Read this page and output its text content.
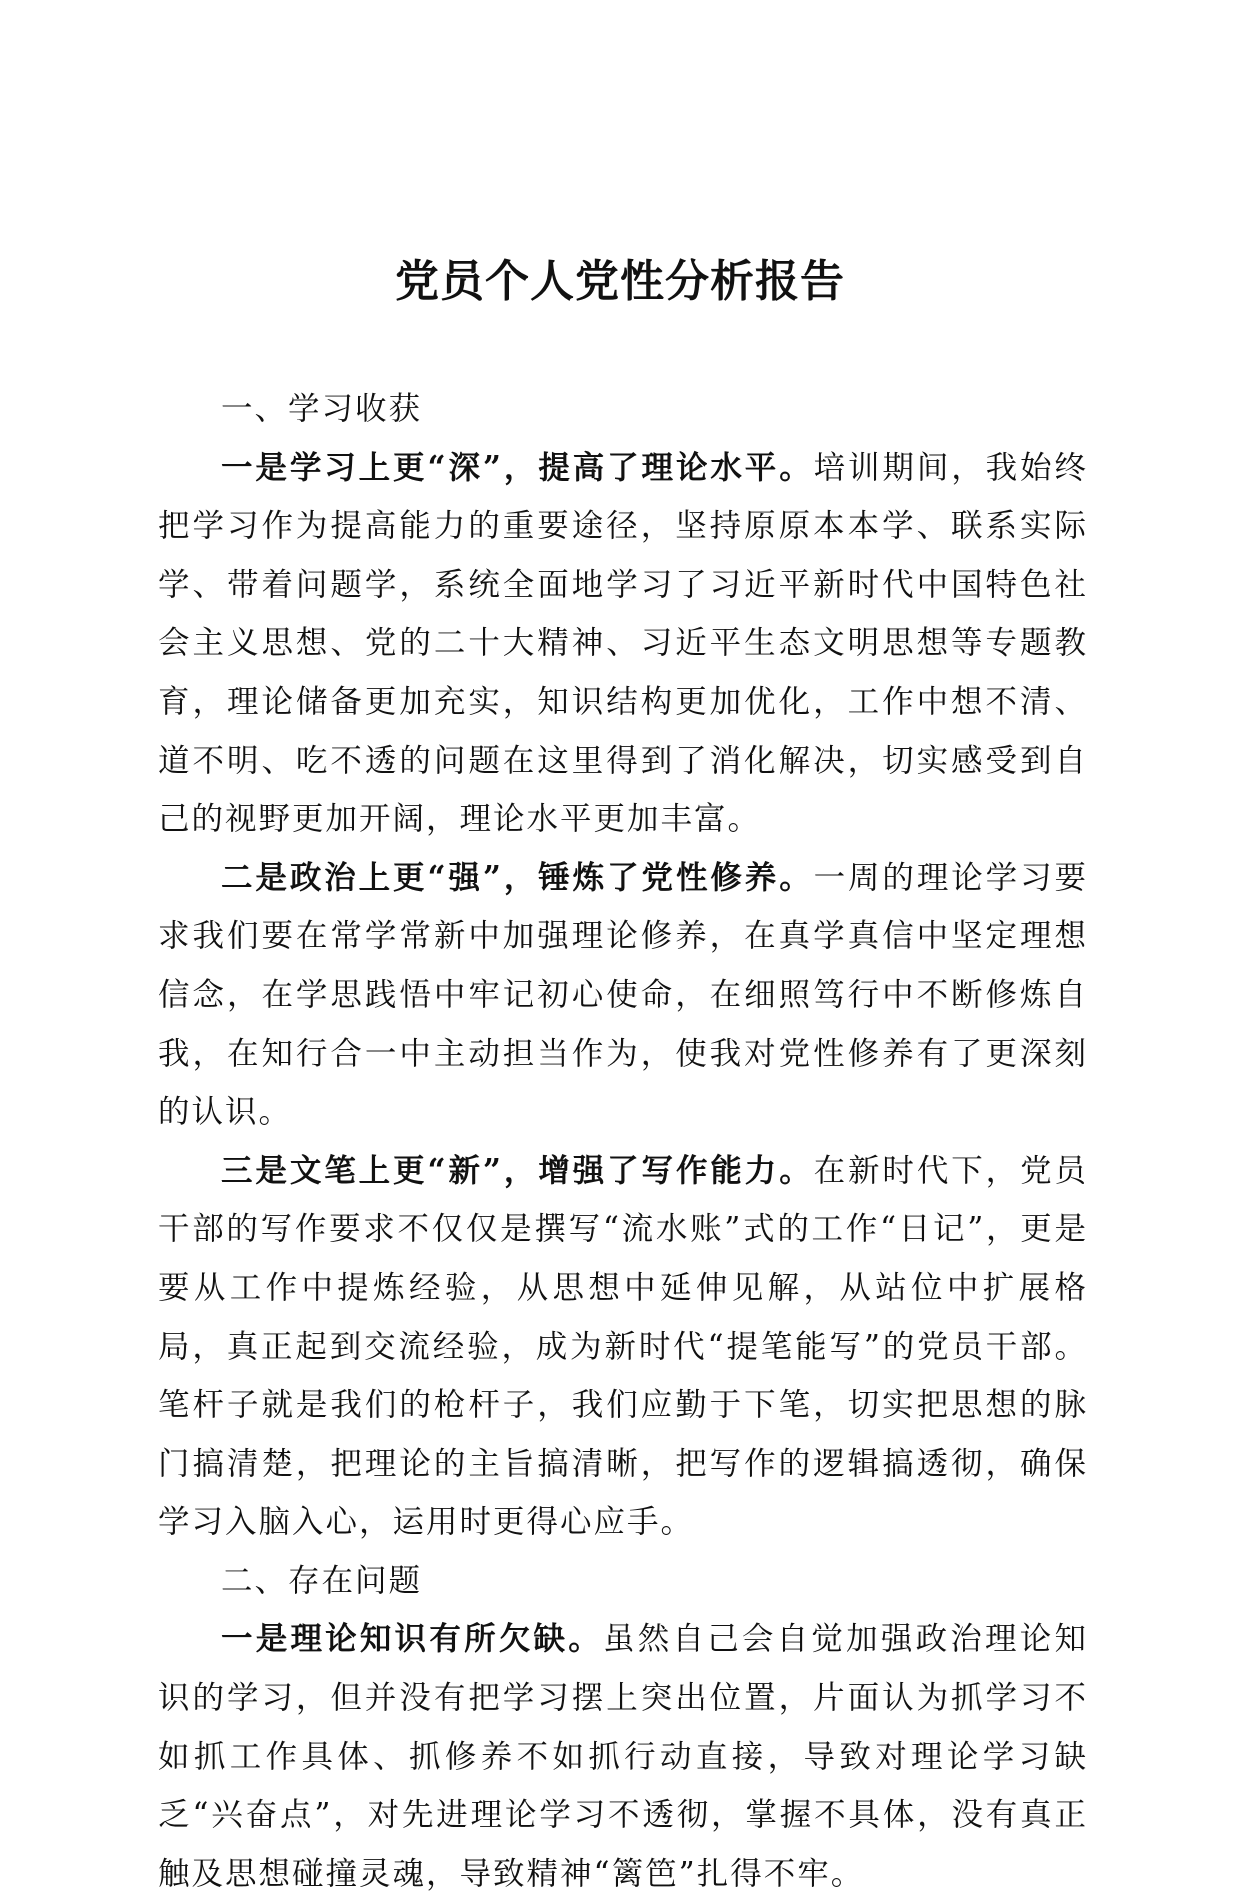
党员个人党性分析报告

一、学习收获

一是学习上更“深”，提高了理论水平。培训期间，我始终把学习作为提高能力的重要途径，坚持原原本本学、联系实际学、带着问题学，系统全面地学习了习近平新时代中国特色社会主义思想、党的二十大精神、习近平生态文明思想等专题教育，理论储备更加充实，知识结构更加优化，工作中想不清、道不明、吃不透的问题在这里得到了消化解决，切实感受到自己的视野更加开阔，理论水平更加丰富。

二是政治上更“强”，锤炼了党性修养。一周的理论学习要求我们要在常学常新中加强理论修养，在真学真信中坚定理想信念，在学思践悟中牢记初心使命，在细照笃行中不断修炼自我，在知行合一中主动担当作为，使我对党性修养有了更深刻的认识。

三是文笔上更“新”，增强了写作能力。在新时代下，党员干部的写作要求不仅仅是撰写“流水账”式的工作“日记”，更是要从工作中提炼经验，从思想中延伸见解，从站位中扩展格局，真正起到交流经验，成为新时代“提笔能写”的党员干部。笔杆子就是我们的枪杆子，我们应勤于下笔，切实把思想的脉门搞清楚，把理论的主旨搞清晰，把写作的逻辑搞透彻，确保学习入脑入心，运用时更得心应手。

二、存在问题

一是理论知识有所欠缺。虽然自己会自觉加强政治理论知识的学习，但并没有把学习摆上突出位置，片面认为抓学习不如抓工作具体、抓修养不如抓行动直接，导致对理论学习缺乏“兴奋点”，对先进理论学习不透彻，掌握不具体，没有真正触及思想碰撞灵魂，导致精神“篱笆”扎得不牢。
